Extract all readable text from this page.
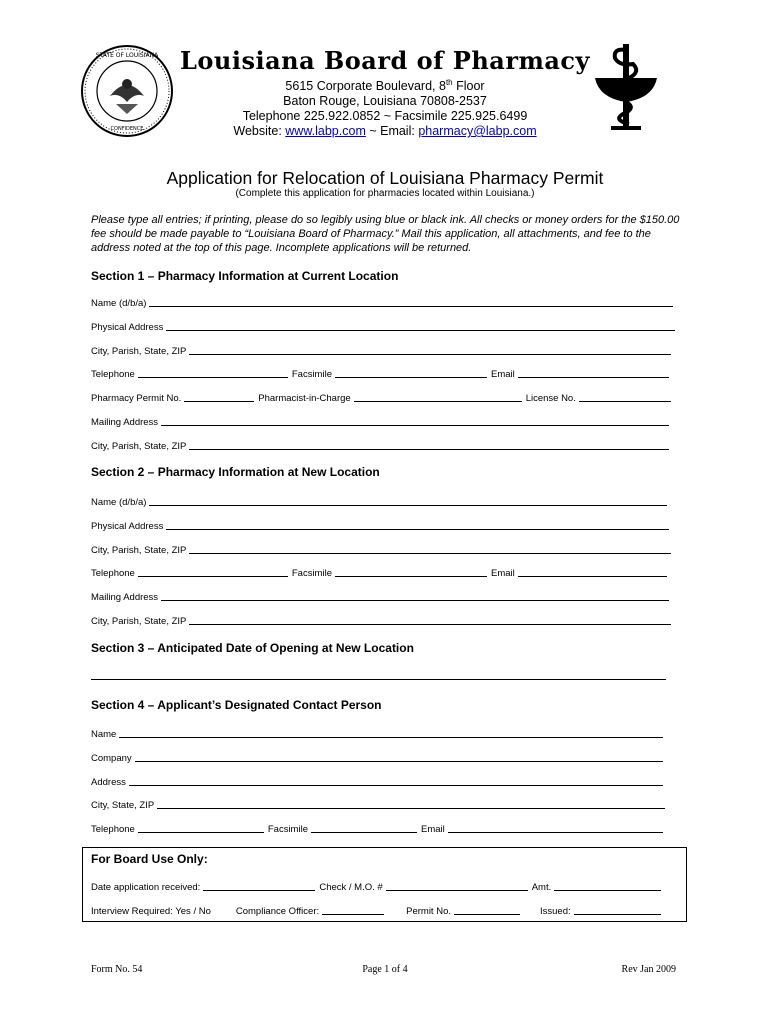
STATE OF LOUISIANA
CONFIDENCE
Louisiana Board of Pharmacy
5615 Corporate Boulevard, 8th Floor
Baton Rouge, Louisiana 70808-2537
Telephone 225.922.0852 ~ Facsimile 225.925.6499
Website: www.labp.com ~ Email: pharmacy@labp.com
Application for Relocation of Louisiana Pharmacy Permit
(Complete this application for pharmacies located within Louisiana.)
Please type all entries; if printing, please do so legibly using blue or black ink. All checks or money orders for the $150.00 fee should be made payable to “Louisiana Board of Pharmacy.” Mail this application, all attachments, and fee to the address noted at the top of this page. Incomplete applications will be returned.
Section 1 – Pharmacy Information at Current Location
Name (d/b/a)
Physical Address
City, Parish, State, ZIP
Telephone	Facsimile	Email
Pharmacy Permit No.	Pharmacist-in-Charge	License No.
Mailing Address
City, Parish, State, ZIP
Section 2 – Pharmacy Information at New Location
Name (d/b/a)
Physical Address
City, Parish, State, ZIP
Telephone	Facsimile	Email
Mailing Address
City, Parish, State, ZIP
Section 3 – Anticipated Date of Opening at New Location
Section 4 – Applicant’s Designated Contact Person
Name
Company
Address
City, State, ZIP
Telephone	Facsimile	Email
For Board Use Only:
Date application received:	Check / M.O. #	Amt.
Interview Required: Yes / No	Compliance Officer:	Permit No.	Issued:
Form No. 54	Page 1 of 4	Rev Jan 2009
